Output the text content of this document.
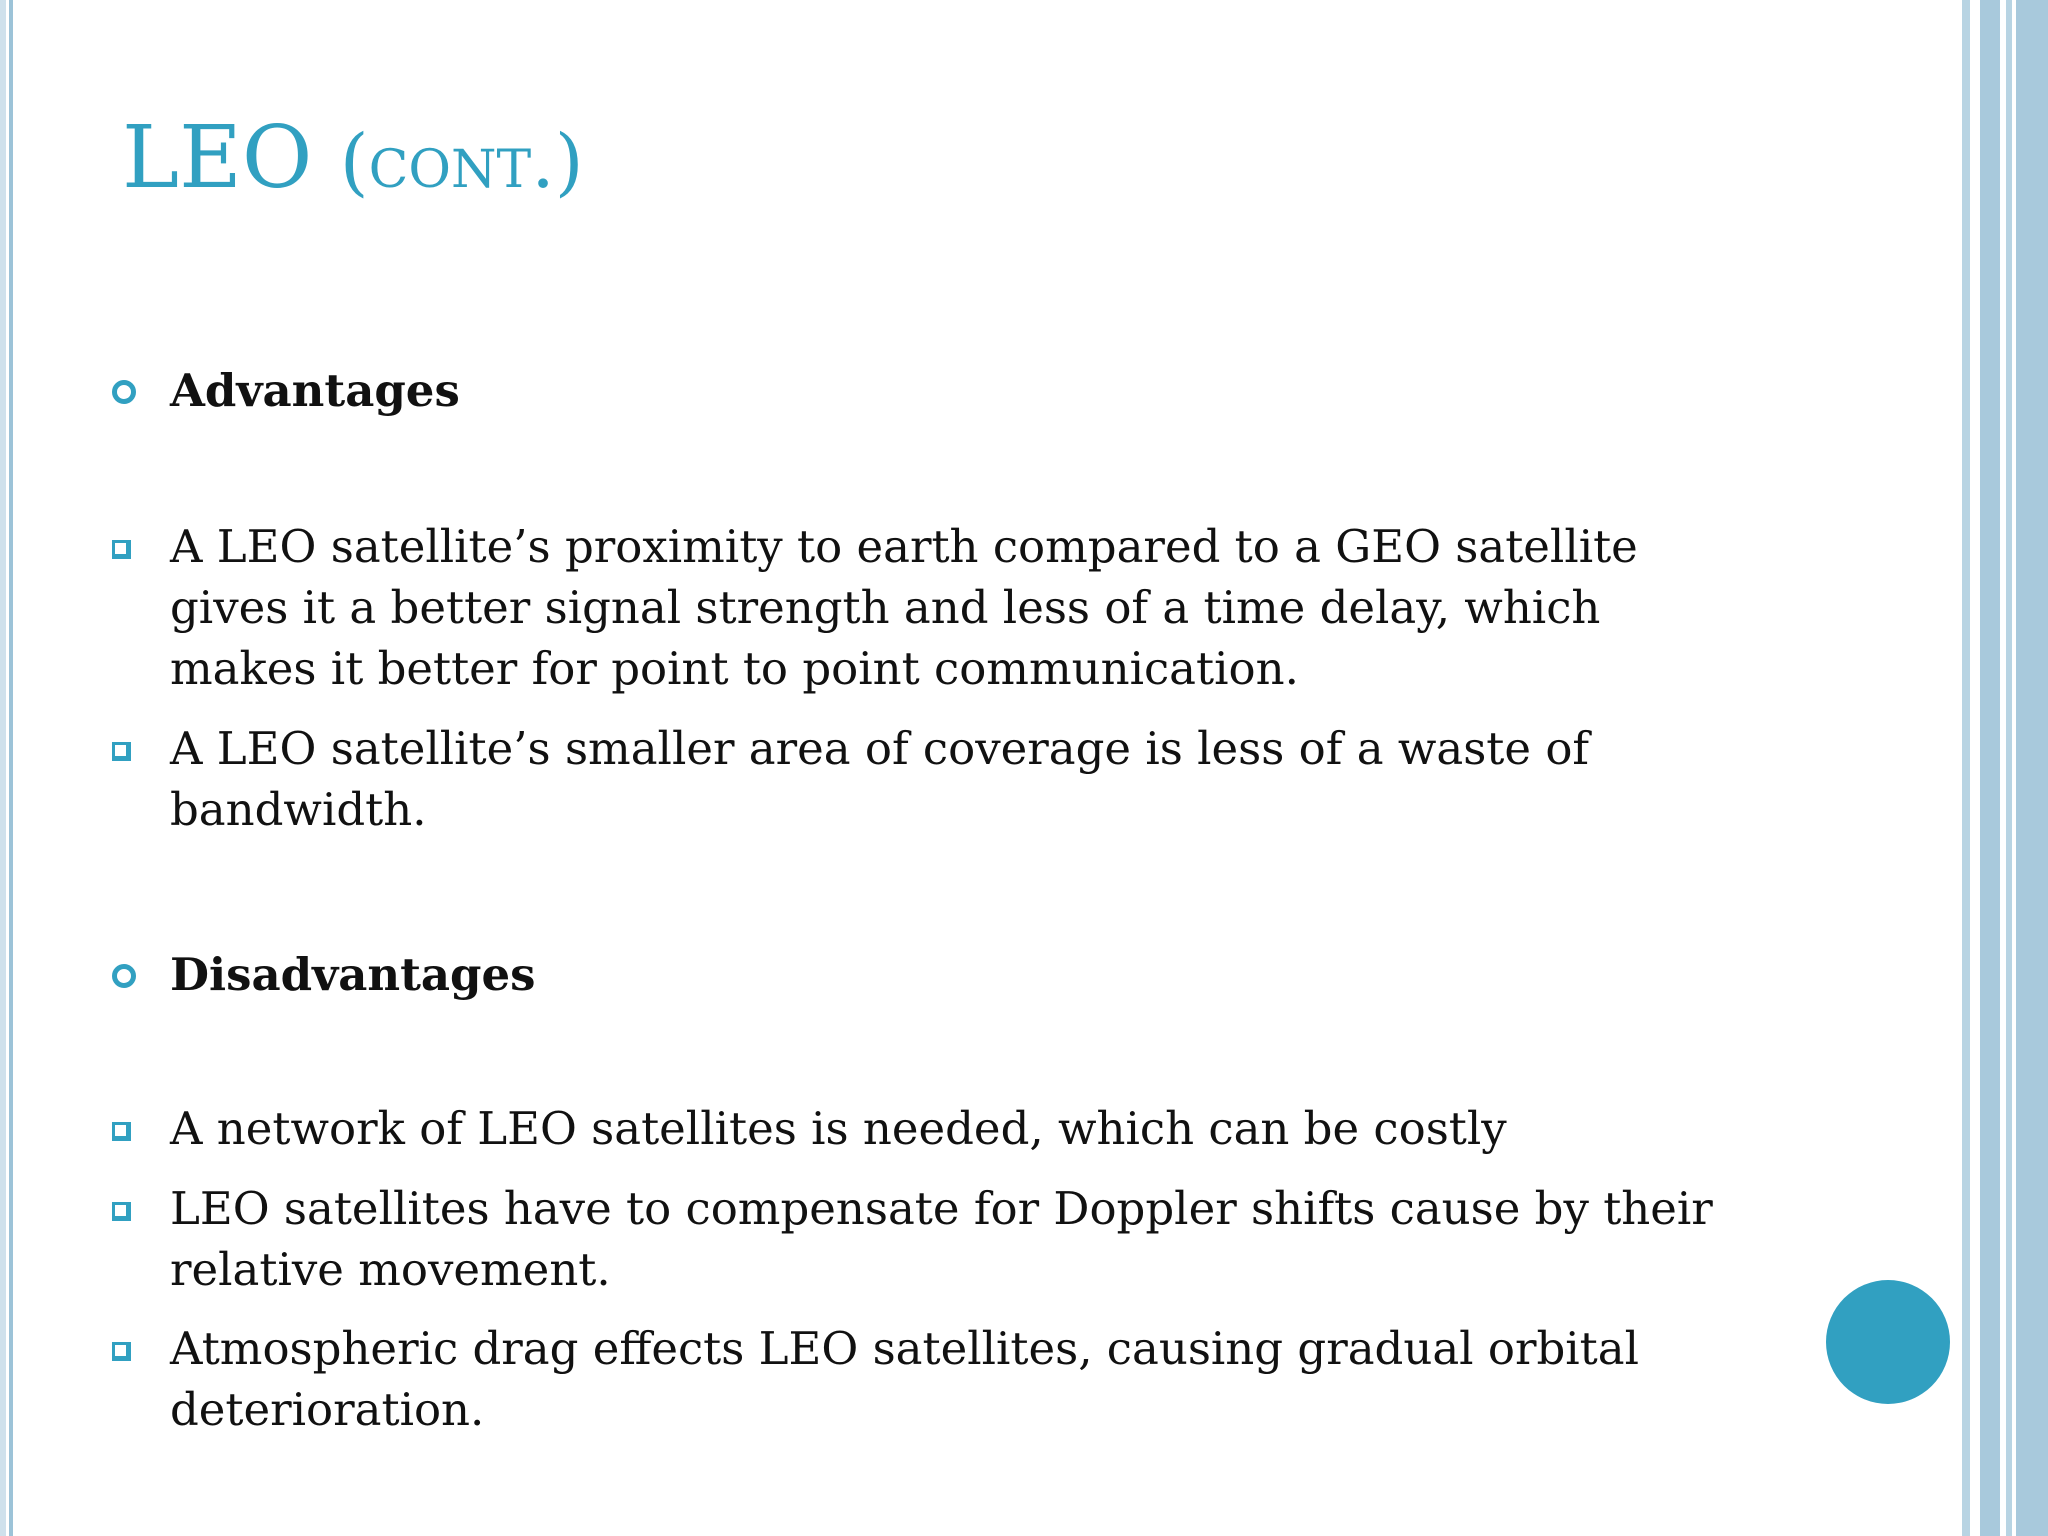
LEO (cont.)
Advantages
A LEO satellite’s proximity to earth compared to a GEO satellite gives it a better signal strength and less of a time delay, which makes it better for point to point communication.
A LEO satellite’s smaller area of coverage is less of a waste of bandwidth.
Disadvantages
A network of LEO satellites is needed, which can be costly
LEO satellites have to compensate for Doppler shifts cause by their relative movement.
Atmospheric drag effects LEO satellites, causing gradual orbital deterioration.
